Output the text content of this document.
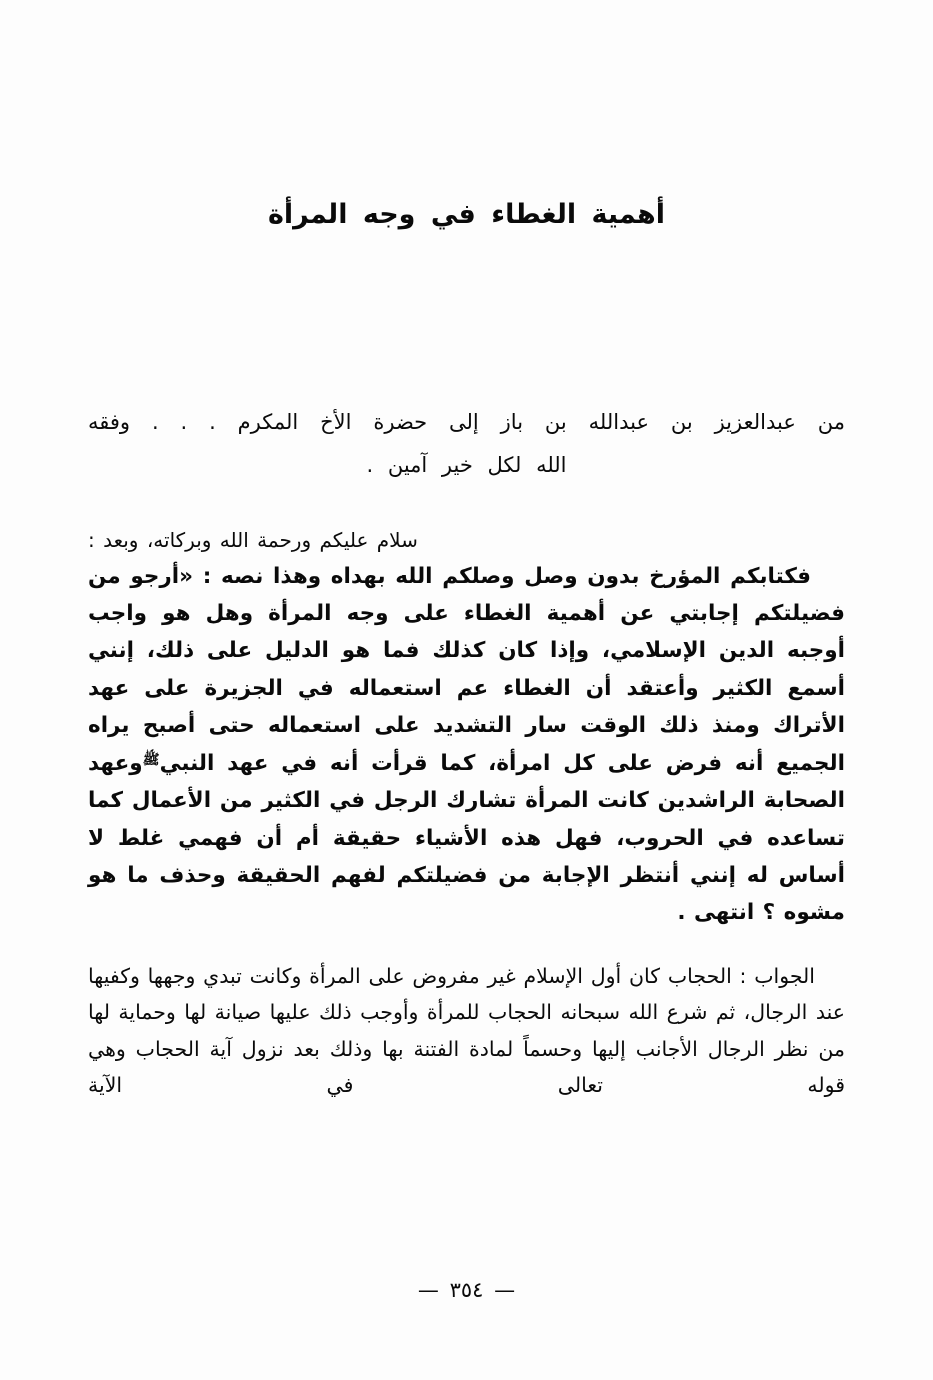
أهمية الغطاء في وجه المرأة
من عبدالعزيز بن عبدالله بن باز إلى حضرة الأخ المكرم . . . وفقه
الله لكل خير آمين .
سلام عليكم ورحمة الله وبركاته، وبعد :

فكتابكم المؤرخ بدون وصل وصلكم الله بهداه وهذا نصه : «أرجو من فضيلتكم إجابتي عن أهمية الغطاء على وجه المرأة وهل هو واجب أوجبه الدين الإسلامي، وإذا كان كذلك فما هو الدليل على ذلك، إنني أسمع الكثير وأعتقد أن الغطاء عم استعماله في الجزيرة على عهد الأتراك ومنذ ذلك الوقت سار التشديد على استعماله حتى أصبح يراه الجميع أنه فرض على كل امرأة، كما قرأت أنه في عهد النبي$^ﷺ$وعهد الصحابة الراشدين كانت المرأة تشارك الرجل في الكثير من الأعمال كما تساعده في الحروب، فهل هذه الأشياء حقيقة أم أن فهمي غلط لا أساس له إنني أنتظر الإجابة من فضيلتكم لفهم الحقيقة وحذف ما هو مشوه ؟ انتهى .

الجواب : الحجاب كان أول الإسلام غير مفروض على المرأة وكانت تبدي وجهها وكفيها عند الرجال، ثم شرع الله سبحانه الحجاب للمرأة وأوجب ذلك عليها صيانة لها وحماية لها من نظر الرجال الأجانب إليها وحسماً لمادة الفتنة بها وذلك بعد نزول آية الحجاب وهي قوله تعالى في الآية

— ٣٥٤ —
